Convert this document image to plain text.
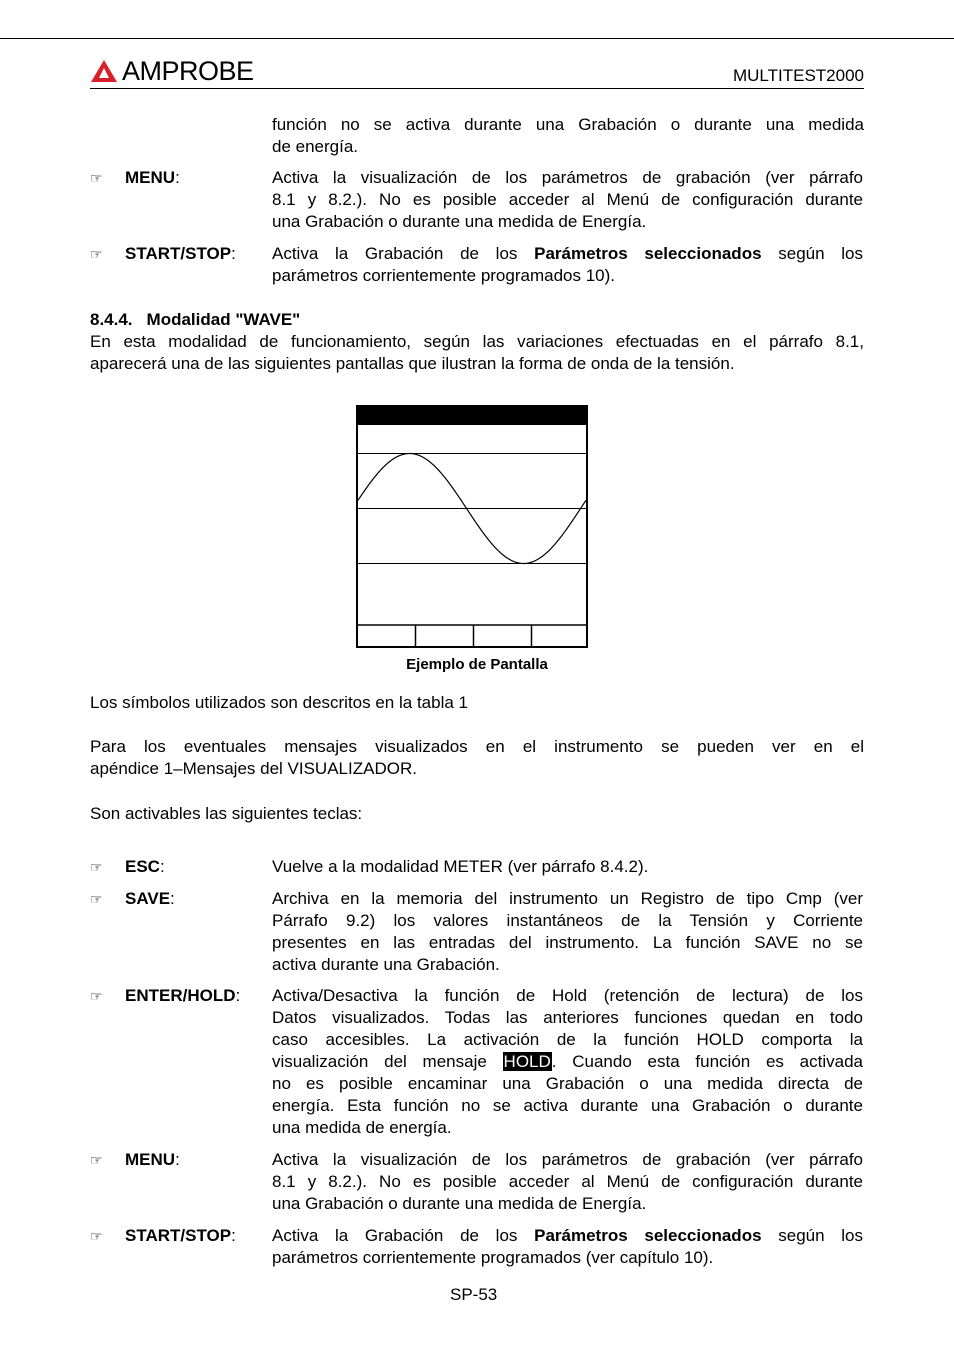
AMPROBE	MULTITEST2000
función no se activa durante una Grabación o durante una medida
de energía.
☞ MENU:	Activa la visualización de los parámetros de grabación (ver párrafo
8.1 y 8.2.). No es posible acceder al Menú de configuración durante
una Grabación o durante una medida de Energía.
☞ START/STOP: Activa la Grabación de los Parámetros seleccionados según los
parámetros corrientemente programados 10).
8.4.4. Modalidad "WAVE"
En esta modalidad de funcionamiento, según las variaciones efectuadas en el párrafo 8.1,
aparecerá una de las siguientes pantallas que ilustran la forma de onda de la tensión.
Ejemplo de Pantalla
Los símbolos utilizados son descritos en la tabla 1
Para los eventuales mensajes visualizados en el instrumento se pueden ver en el
apéndice 1–Mensajes del VISUALIZADOR.
Son activables las siguientes teclas:
☞ ESC:	Vuelve a la modalidad METER (ver párrafo 8.4.2).
☞ SAVE:	Archiva en la memoria del instrumento un Registro de tipo Cmp (ver
Párrafo 9.2) los valores instantáneos de la Tensión y Corriente
presentes en las entradas del instrumento. La función SAVE no se
activa durante una Grabación.
☞ ENTER/HOLD: Activa/Desactiva la función de Hold (retención de lectura) de los
Datos visualizados. Todas las anteriores funciones quedan en todo
caso accesibles. La activación de la función HOLD comporta la
visualización del mensaje HOLD. Cuando esta función es activada
no es posible encaminar una Grabación o una medida directa de
energía. Esta función no se activa durante una Grabación o durante
una medida de energía.
☞ MENU:	Activa la visualización de los parámetros de grabación (ver párrafo
8.1 y 8.2.). No es posible acceder al Menú de configuración durante
una Grabación o durante una medida de Energía.
☞ START/STOP: Activa la Grabación de los Parámetros seleccionados según los
parámetros corrientemente programados (ver capítulo 10).
SP-53
